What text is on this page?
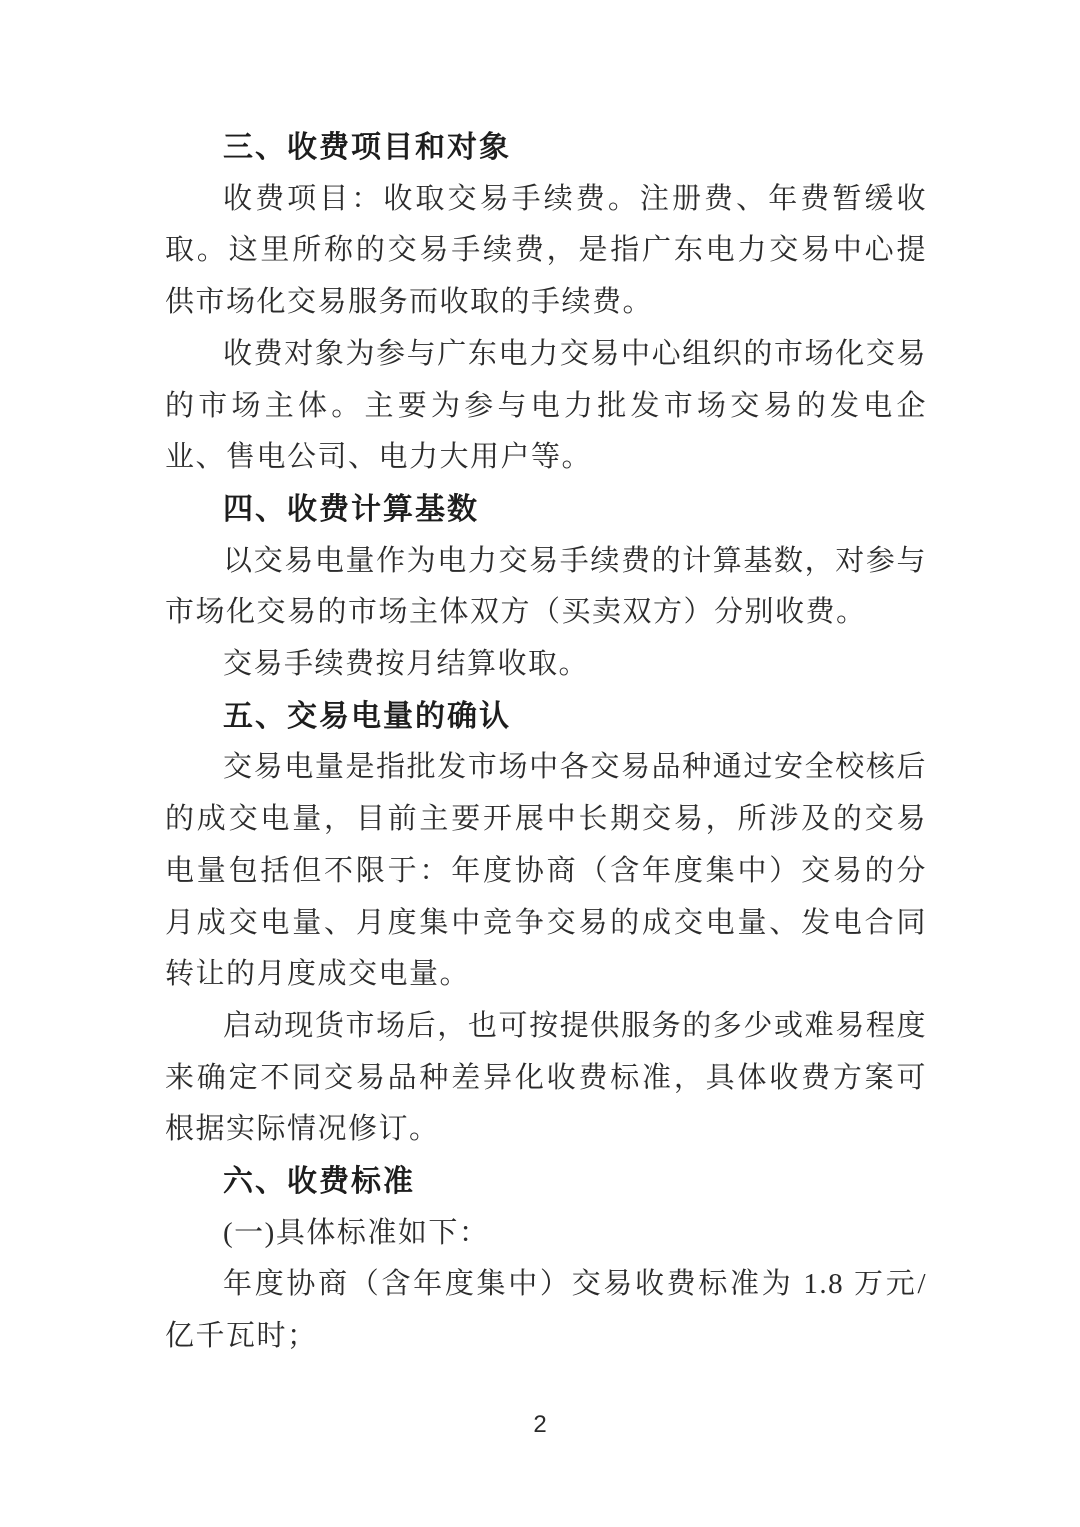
三、收费项目和对象

收费项目：收取交易手续费。注册费、年费暂缓收取。这里所称的交易手续费，是指广东电力交易中心提供市场化交易服务而收取的手续费。

收费对象为参与广东电力交易中心组织的市场化交易的市场主体。主要为参与电力批发市场交易的发电企业、售电公司、电力大用户等。

四、收费计算基数

以交易电量作为电力交易手续费的计算基数，对参与市场化交易的市场主体双方（买卖双方）分别收费。

交易手续费按月结算收取。

五、交易电量的确认

交易电量是指批发市场中各交易品种通过安全校核后的成交电量，目前主要开展中长期交易，所涉及的交易电量包括但不限于：年度协商（含年度集中）交易的分月成交电量、月度集中竞争交易的成交电量、发电合同转让的月度成交电量。

启动现货市场后，也可按提供服务的多少或难易程度来确定不同交易品种差异化收费标准，具体收费方案可根据实际情况修订。

六、收费标准

(一)具体标准如下：

年度协商（含年度集中）交易收费标准为 1.8 万元/亿千瓦时；

2
